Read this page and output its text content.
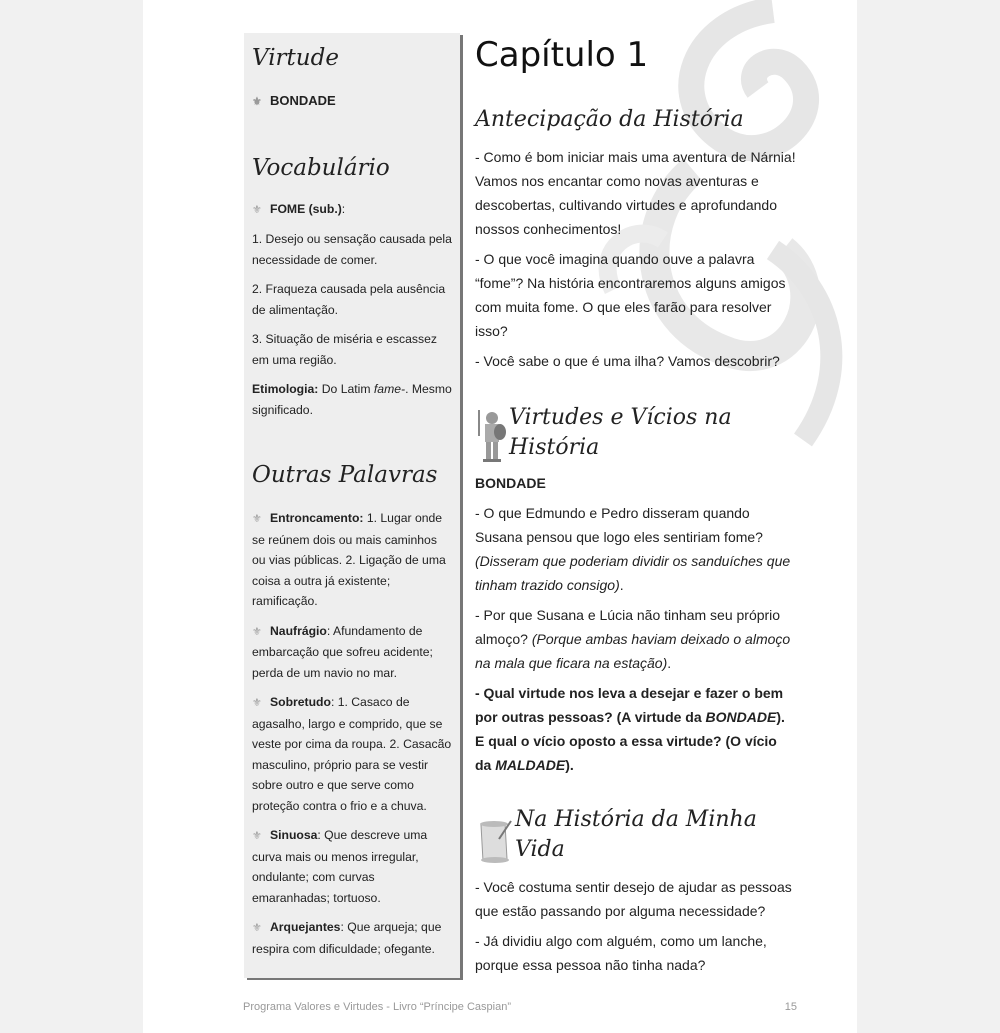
Virtude
⚜ BONDADE
Vocabulário

⚜ FOME (sub.):

1. Desejo ou sensação causada pela necessidade de comer.

2. Fraqueza causada pela ausência de alimentação.

3. Situação de miséria e escassez em uma região.

Etimologia: Do Latim fame-. Mesmo significado.

Outras Palavras

⚜ Entroncamento: 1. Lugar onde se reúnem dois ou mais caminhos ou vias públicas. 2. Ligação de uma coisa a outra já existente; ramificação.

⚜ Naufrágio: Afundamento de embarcação que sofreu acidente; perda de um navio no mar.

⚜ Sobretudo: 1. Casaco de agasalho, largo e comprido, que se veste por cima da roupa. 2. Casacão masculino, próprio para se vestir sobre outro e que serve como proteção contra o frio e a chuva.

⚜ Sinuosa: Que descreve uma curva mais ou menos irregular, ondulante; com curvas emaranhadas; tortuoso.

⚜ Arquejantes: Que arqueja; que respira com dificuldade; ofegante.

Capítulo 1
Antecipação da História

- Como é bom iniciar mais uma aventura de Nárnia! Vamos nos encantar como novas aventuras e descobertas, cultivando virtudes e aprofundando nossos conhecimentos!

- O que você imagina quando ouve a palavra “fome”? Na história encontraremos alguns amigos com muita fome. O que eles farão para resolver isso?

- Você sabe o que é uma ilha? Vamos descobrir?

Virtudes e Vícios na História

BONDADE

- O que Edmundo e Pedro disseram quando Susana pensou que logo eles sentiriam fome? (Disseram que poderiam dividir os sanduíches que tinham trazido consigo).

- Por que Susana e Lúcia não tinham seu próprio almoço? (Porque ambas haviam deixado o almoço na mala que ficara na estação).

- Qual virtude nos leva a desejar e fazer o bem por outras pessoas? (A virtude da BONDADE). E qual o vício oposto a essa virtude? (O vício da MALDADE).

Na História da Minha Vida

- Você costuma sentir desejo de ajudar as pessoas que estão passando por alguma necessidade?

- Já dividiu algo com alguém, como um lanche, porque essa pessoa não tinha nada?

Programa Valores e Virtudes - Livro “Príncipe Caspian”	15
